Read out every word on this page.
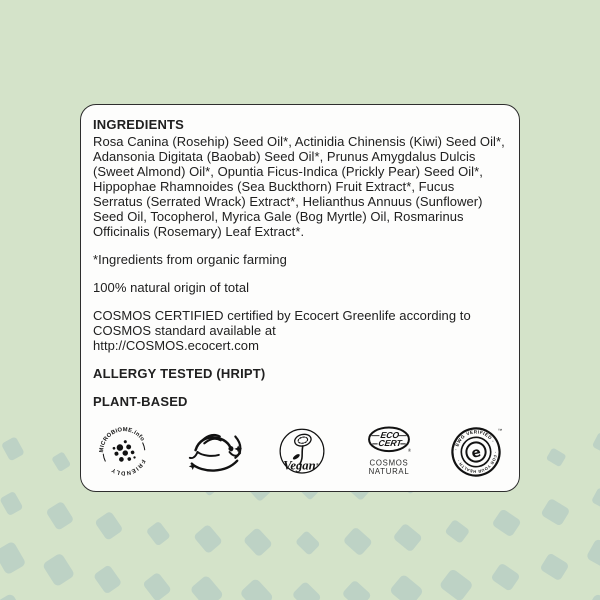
INGREDIENTS
Rosa Canina (Rosehip) Seed Oil*, Actinidia Chinensis (Kiwi) Seed Oil*, Adansonia Digitata (Baobab) Seed Oil*, Prunus Amygdalus Dulcis (Sweet Almond) Oil*, Opuntia Ficus-Indica (Prickly Pear) Seed Oil*, Hippophae Rhamnoides (Sea Buckthorn) Fruit Extract*, Fucus Serratus (Serrated Wrack) Extract*, Helianthus Annuus (Sunflower) Seed Oil, Tocopherol, Myrica Gale (Bog Myrtle) Oil, Rosmarinus Officinalis (Rosemary) Leaf Extract*.
*Ingredients from organic farming
100% natural origin of total
COSMOS CERTIFIED certified by Ecocert Greenlife according to COSMOS standard available at
http://COSMOS.ecocert.com
ALLERGY TESTED (HRIPT)
PLANT-BASED
MICROBIOME.info
FRIENDLY	Vegan®
ECO
CERT
®
COSMOS
NATURAL
· EWG VERIFIED ·
· FOR YOUR HEALTH · e
™
